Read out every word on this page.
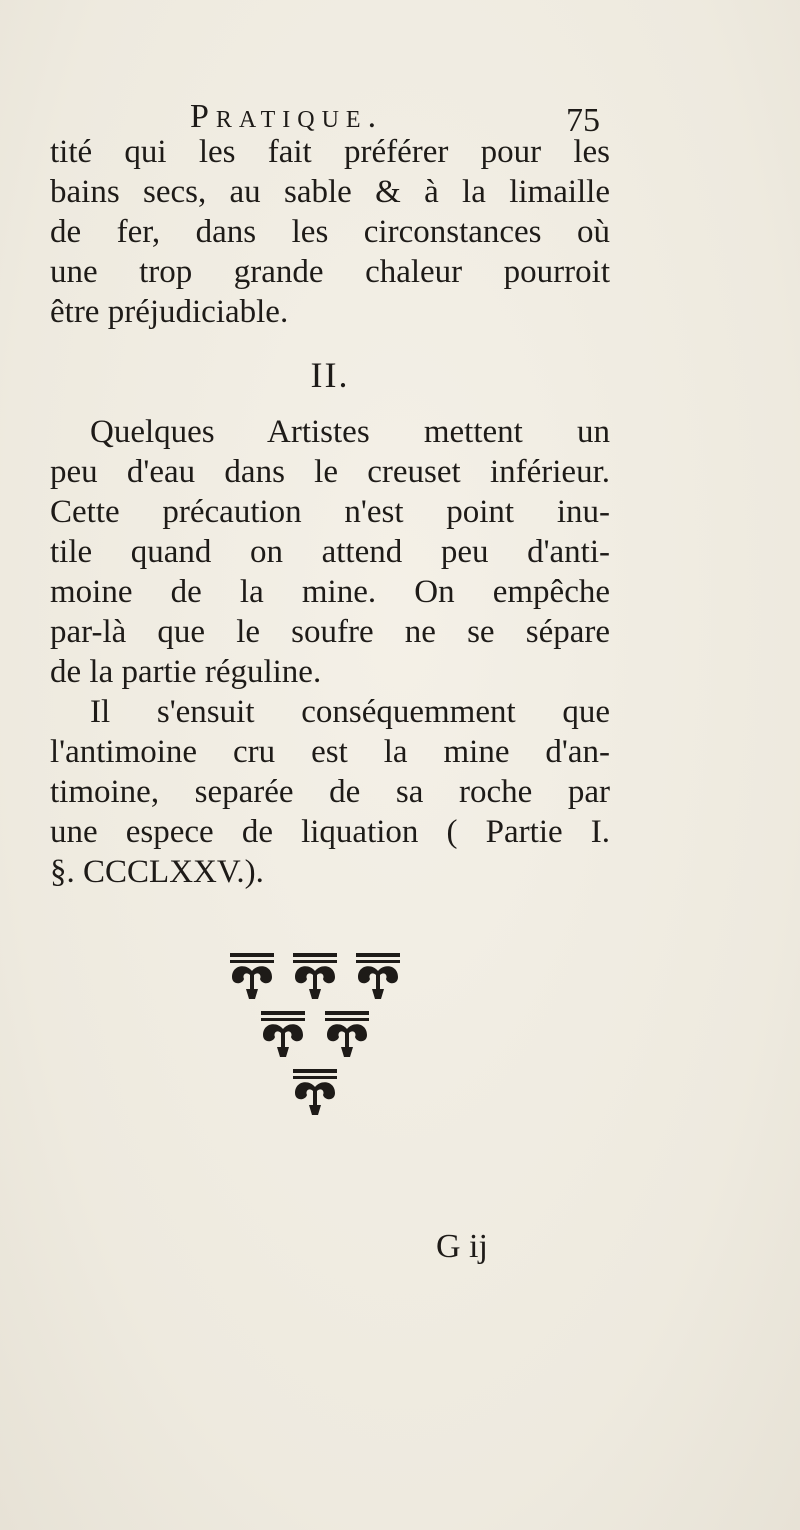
Pratique.	75
tité qui les fait préférer pour les
bains secs, au sable & à la limaille
de fer, dans les circonstances où
une trop grande chaleur pourroit
être préjudiciable.
II.
Quelques Artistes mettent un
peu d'eau dans le creuset inférieur.
Cette précaution n'est point inu-
tile quand on attend peu d'anti-
moine de la mine. On empêche
par-là que le soufre ne se sépare
de la partie réguline.
Il s'ensuit conséquemment que
l'antimoine cru est la mine d'an-
timoine, separée de sa roche par
une espece de liquation ( Partie I.
§. CCCLXXV.).
G ij
